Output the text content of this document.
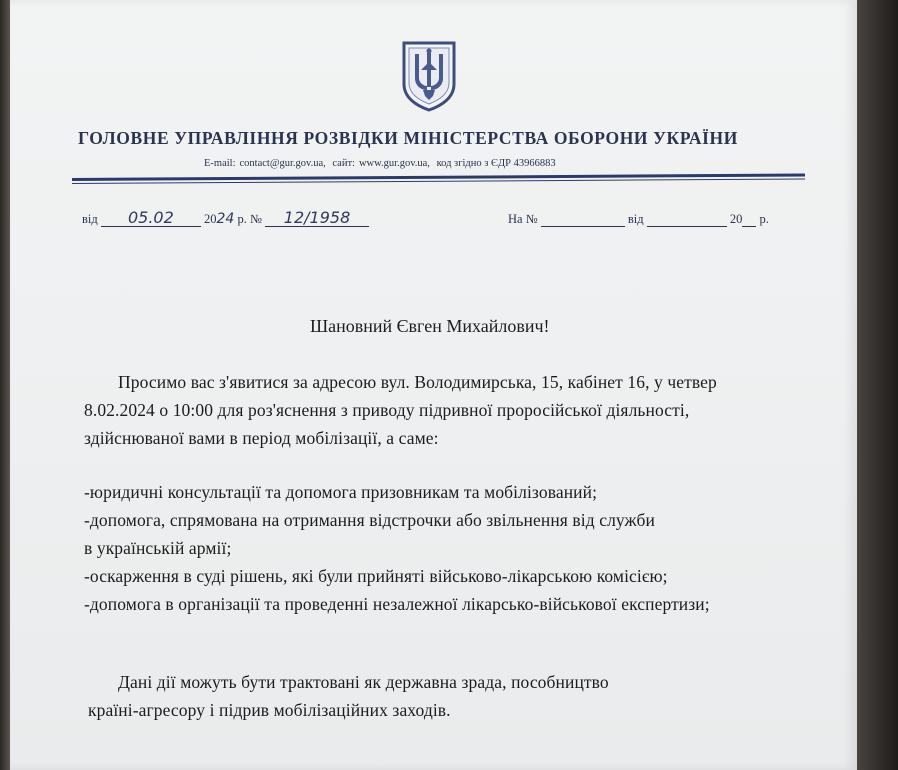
ГОЛОВНЕ УПРАВЛІННЯ РОЗВІДКИ МІНІСТЕРСТВА ОБОРОНИ УКРАЇНИ
E-mail: contact@gur.gov.ua, сайт: www.gur.gov.ua, код згідно з ЄДР 43966883
від 05.02 2024 р. № 12/1958	На №	від	20 р.
Шановний Євген Михайлович!
Просимо вас з'явитися за адресою вул. Володимирська, 15, кабінет 16, у четвер
8.02.2024 о 10:00 для роз'яснення з приводу підривної проросійської діяльності,
здійснюваної вами в період мобілізації, а саме:
-юридичні консультації та допомога призовникам та мобілізований;
-допомога, спрямована на отримання відстрочки або звільнення від служби
в українській армії;
-оскарження в суді рішень, які були прийняті військово-лікарською комісією;
-допомога в організації та проведенні незалежної лікарсько-військової експертизи;
Дані дії можуть бути трактовані як державна зрада, пособництво
країні-агресору і підрив мобілізаційних заходів.
